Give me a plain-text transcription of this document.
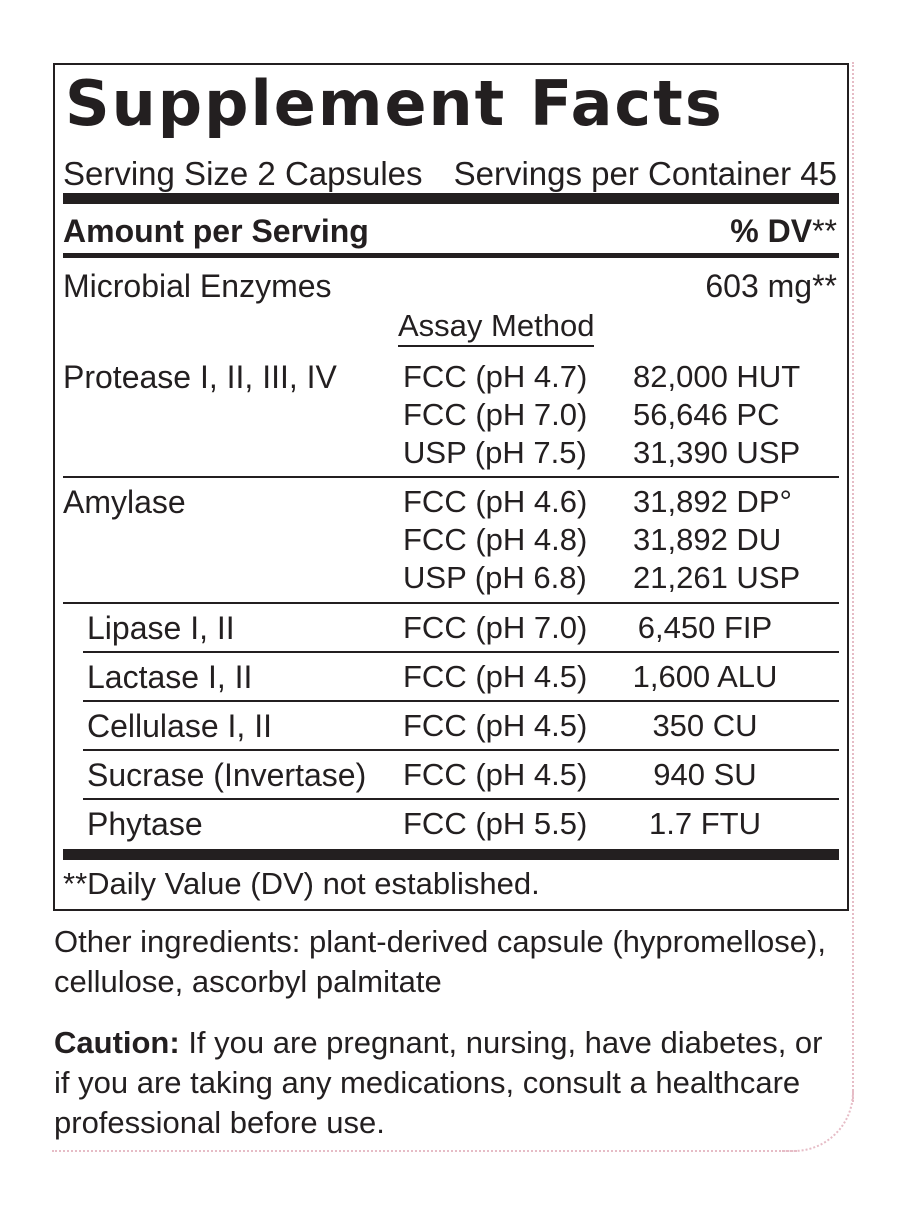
Supplement Facts
Serving Size 2 Capsules Servings per Container 45
Amount per Serving	% DV**
Microbial Enzymes	603 mg**
Assay Method
Protease I, II, III, IV FCC (pH 4.7) 82,000 HUT
FCC (pH 7.0) 56,646 PC
USP (pH 7.5) 31,390 USP
Amylase	FCC (pH 4.6) 31,892 DP°
FCC (pH 4.8) 31,892 DU
USP (pH 6.8) 21,261 USP
Lipase I, II	FCC (pH 7.0)	6,450 FIP
Lactase I, II	FCC (pH 4.5)	1,600 ALU
Cellulase I, II	FCC (pH 4.5)	350 CU
Sucrase (Invertase) FCC (pH 4.5)	940 SU
Phytase	FCC (pH 5.5)	1.7 FTU
**Daily Value (DV) not established.
Other ingredients: plant-derived capsule (hypromellose), cellulose, ascorbyl palmitate
Caution: If you are pregnant, nursing, have diabetes, or if you are taking any medications, consult a healthcare professional before use.
